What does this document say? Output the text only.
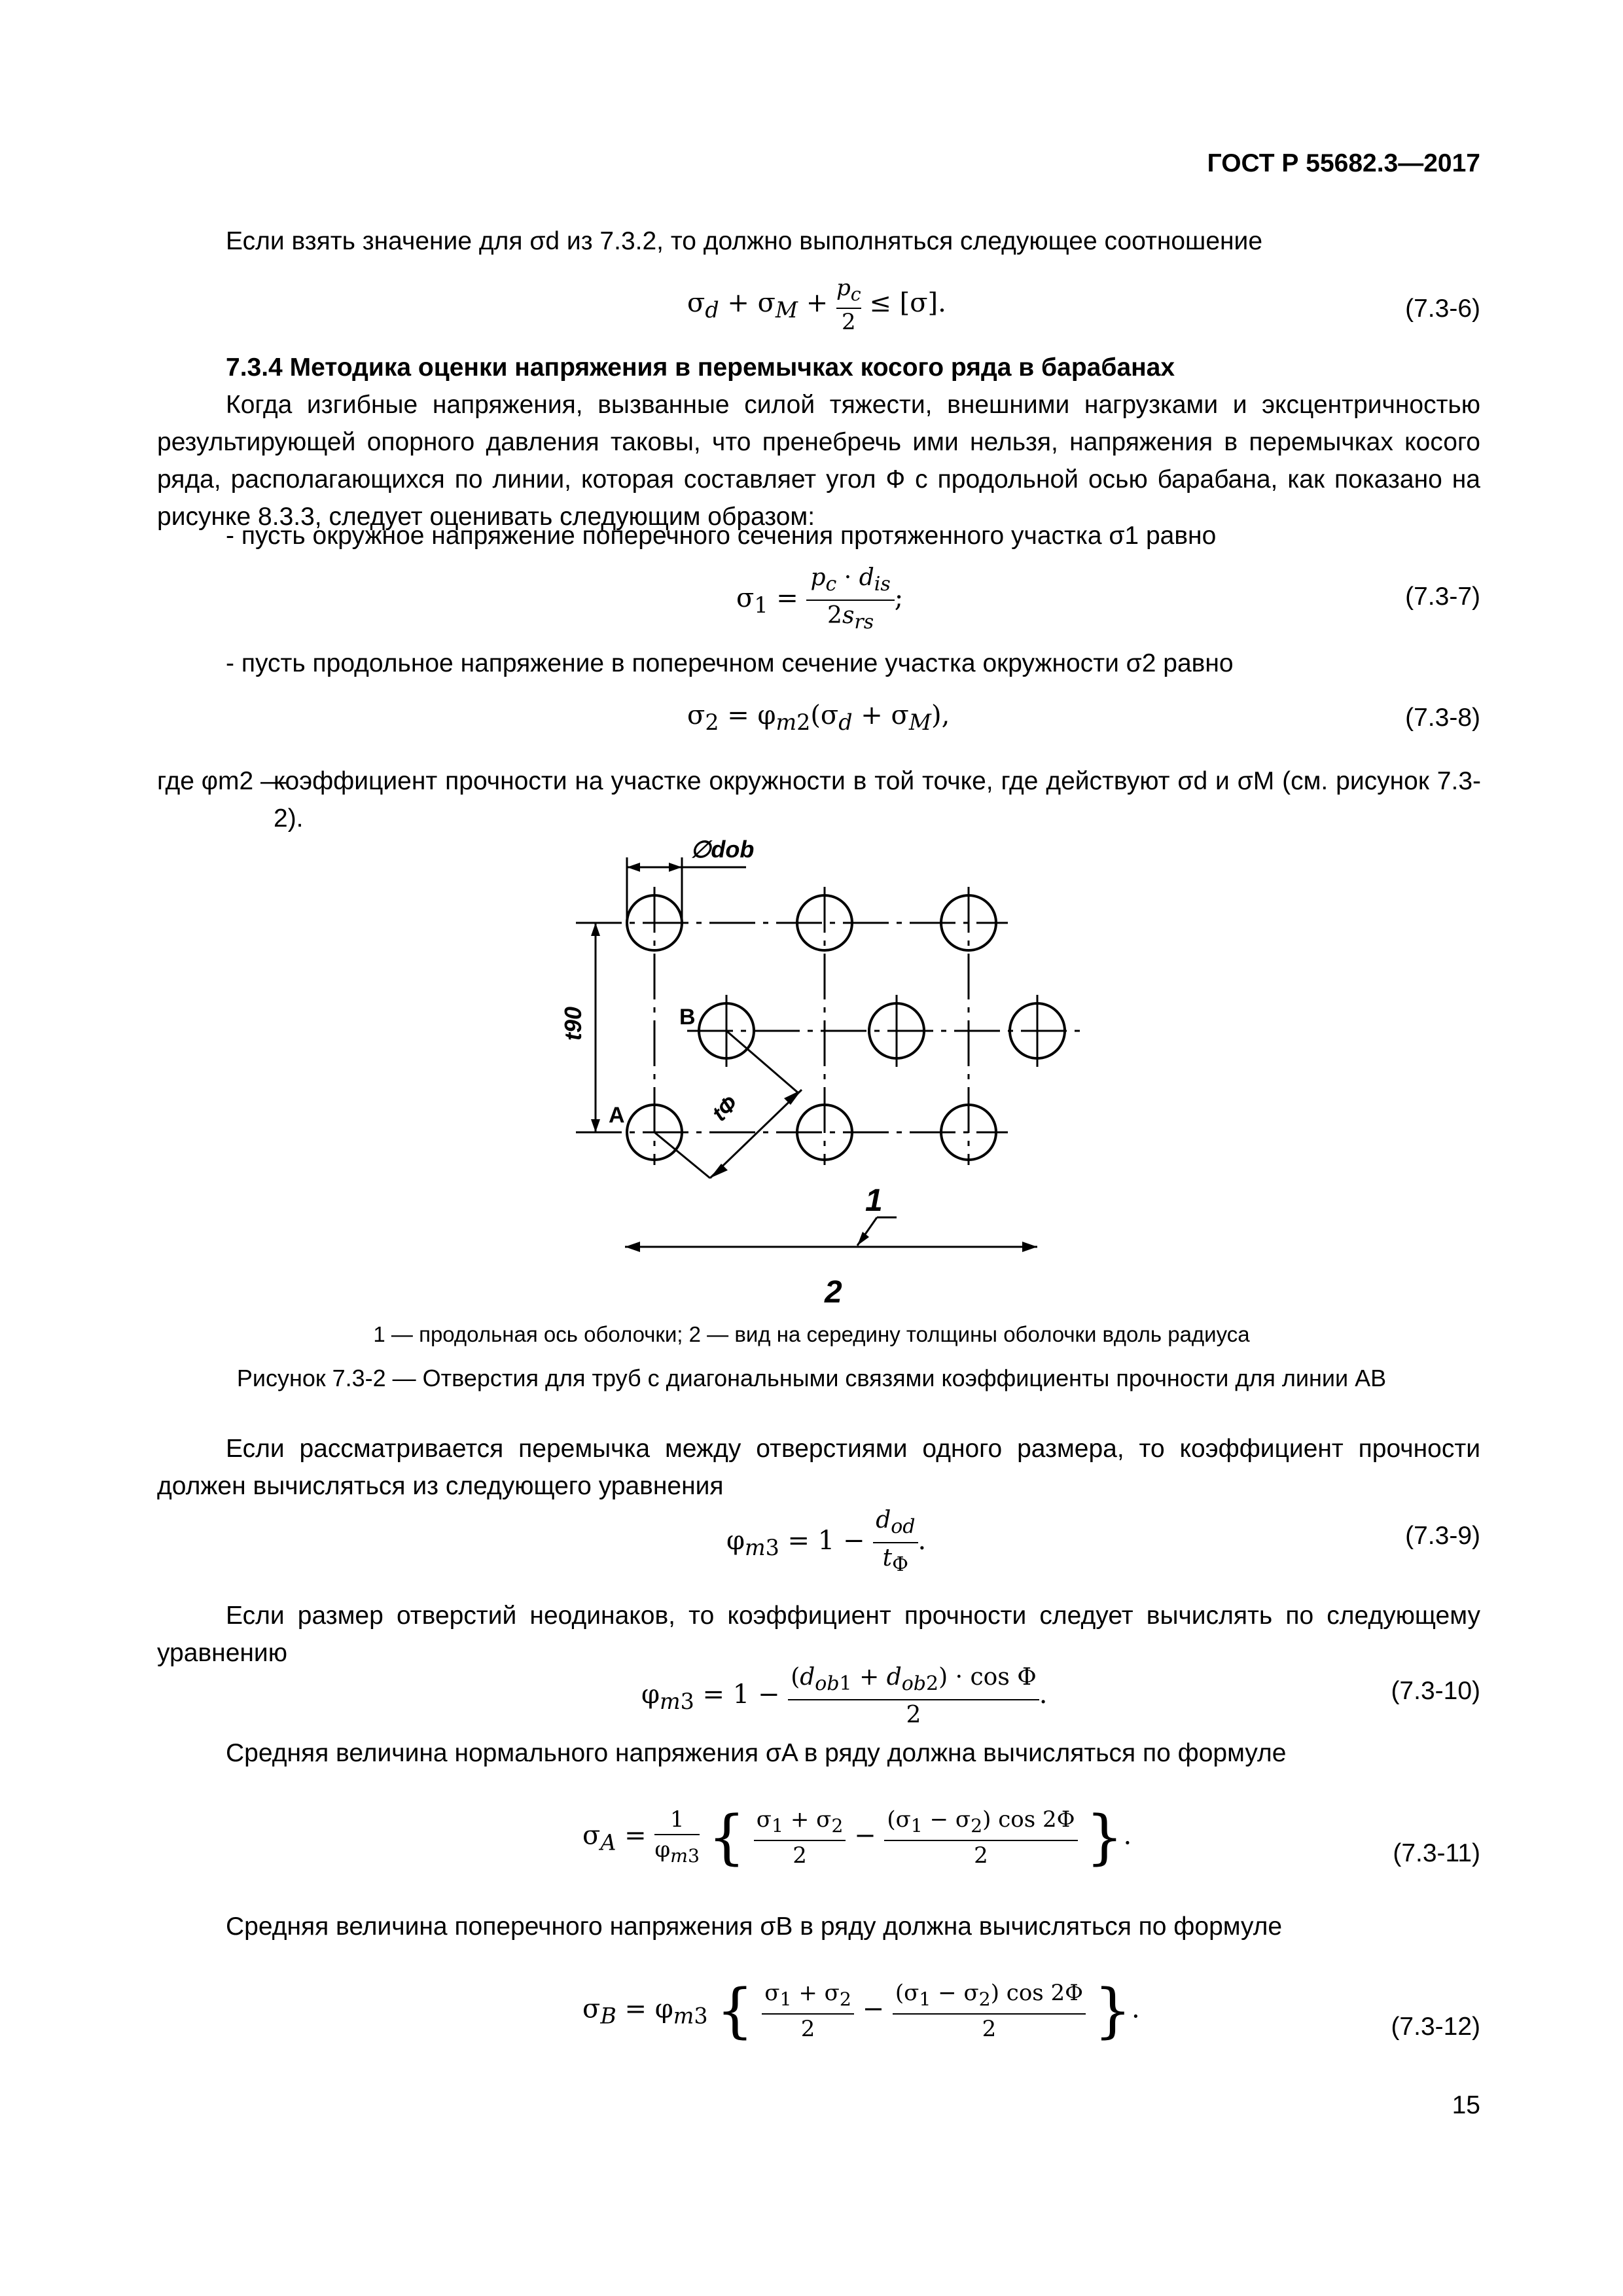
ГОСТ Р 55682.3—2017
Если взять значение для σd из 7.3.2, то должно выполняться следующее соотношение
$\sigma_d + \sigma_M + \frac{p_c}{2} \le [\sigma]$.	(7.3-6)
7.3.4 Методика оценки напряжения в перемычках косого ряда в барабанах
Когда изгибные напряжения, вызванные силой тяжести, внешними нагрузками и эксцентричностью результирующей опорного давления таковы, что пренебречь ими нельзя, напряжения в перемычках косого ряда, располагающихся по линии, которая составляет угол Ф с продольной осью барабана, как показано на рисунке 8.3.3, следует оценивать следующим образом:
- пусть окружное напряжение поперечного сечения протяженного участка σ1 равно
$\sigma_1$ =
$p_c \cdot d_{is}$
$2s_{rs}$
;	(7.3-7)
- пусть продольное напряжение в поперечном сечение участка окружности σ2 равно
$\sigma_2 = \varphi_{m2}(\sigma_d + \sigma_M)$,	(7.3-8)
где φm2 —
коэффициент прочности на участке окружности в той точке, где действуют σd и σM (см. рисунок 7.3-2).
∅dob
t90
tФ
A
B
1
2
1 — продольная ось оболочки; 2 — вид на середину толщины оболочки вдоль радиуса
Рисунок 7.3-2 — Отверстия для труб с диагональными связями коэффициенты прочности для линии АВ
Если рассматривается перемычка между отверстиями одного размера, то коэффициент прочности должен вычисляться из следующего уравнения
$\varphi_{m3} = 1$ −
$d_{od}$
$t_Ф$
.	(7.3-9)
Если размер отверстий неодинаков, то коэффициент прочности следует вычислять по следующему уравнению
$\varphi_{m3} = 1$ −
$(d_{ob1} + d_{ob2}) \cdot \cos \Phi$
2
.	(7.3-10)
Средняя величина нормального напряжения σA в ряду должна вычисляться по формуле
$\sigma_A = \frac{1}{\varphi_{m3}}$ { $\frac{\sigma_1 + \sigma_2}{2} - \frac{(\sigma_1 - \sigma_2) \cos 2\Phi}{2}$ }.
(7.3-11)
Средняя величина поперечного напряжения σB в ряду должна вычисляться по формуле
$\sigma_B = \varphi_{m3}$ { $\frac{\sigma_1 + \sigma_2}{2} - \frac{(\sigma_1 - \sigma_2) \cos 2\Phi}{2}$ }.
(7.3-12)
15
